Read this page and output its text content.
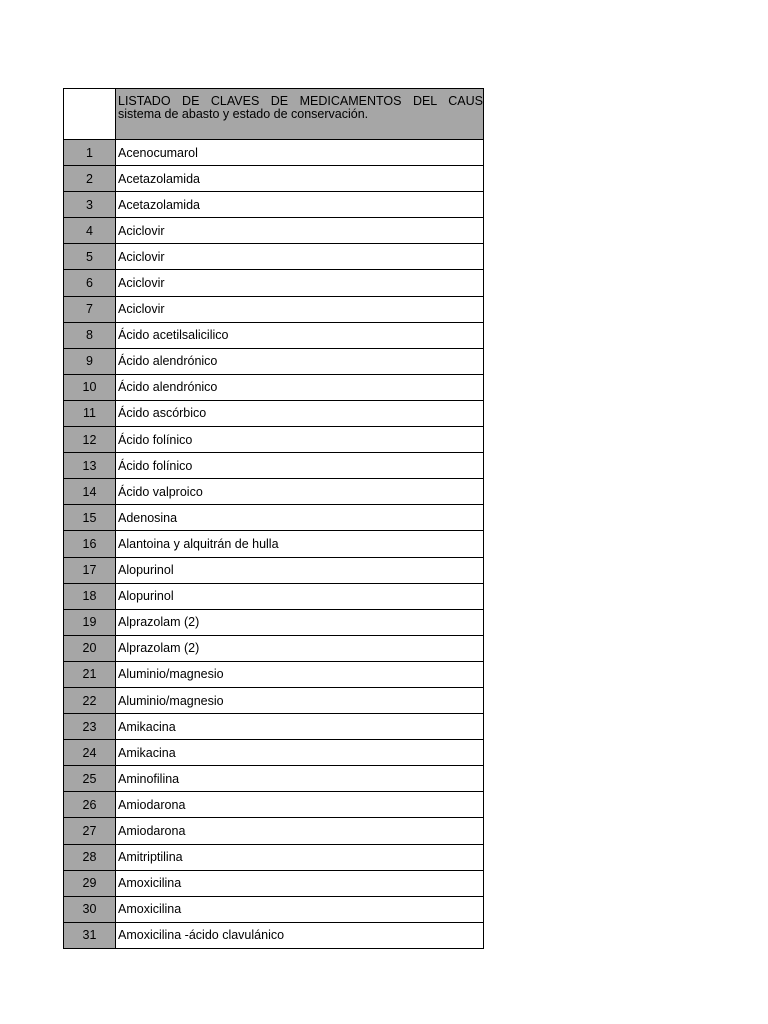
	LISTADO DE CLAVES DE MEDICAMENTOS DEL CAUS
sistema de abasto y estado de conservación.

1	Acenocumarol
2	Acetazolamida
3	Acetazolamida
4	Aciclovir
5	Aciclovir
6	Aciclovir
7	Aciclovir
8	Ácido acetilsalicilico
9	Ácido alendrónico
10	Ácido alendrónico
11	Ácido ascórbico
12	Ácido folínico
13	Ácido folínico
14	Ácido valproico
15	Adenosina
16	Alantoina y alquitrán de hulla
17	Alopurinol
18	Alopurinol
19	Alprazolam (2)
20	Alprazolam (2)
21	Aluminio/magnesio
22	Aluminio/magnesio
23	Amikacina
24	Amikacina
25	Aminofilina
26	Amiodarona
27	Amiodarona
28	Amitriptilina
29	Amoxicilina
30	Amoxicilina
31	Amoxicilina -ácido clavulánico
